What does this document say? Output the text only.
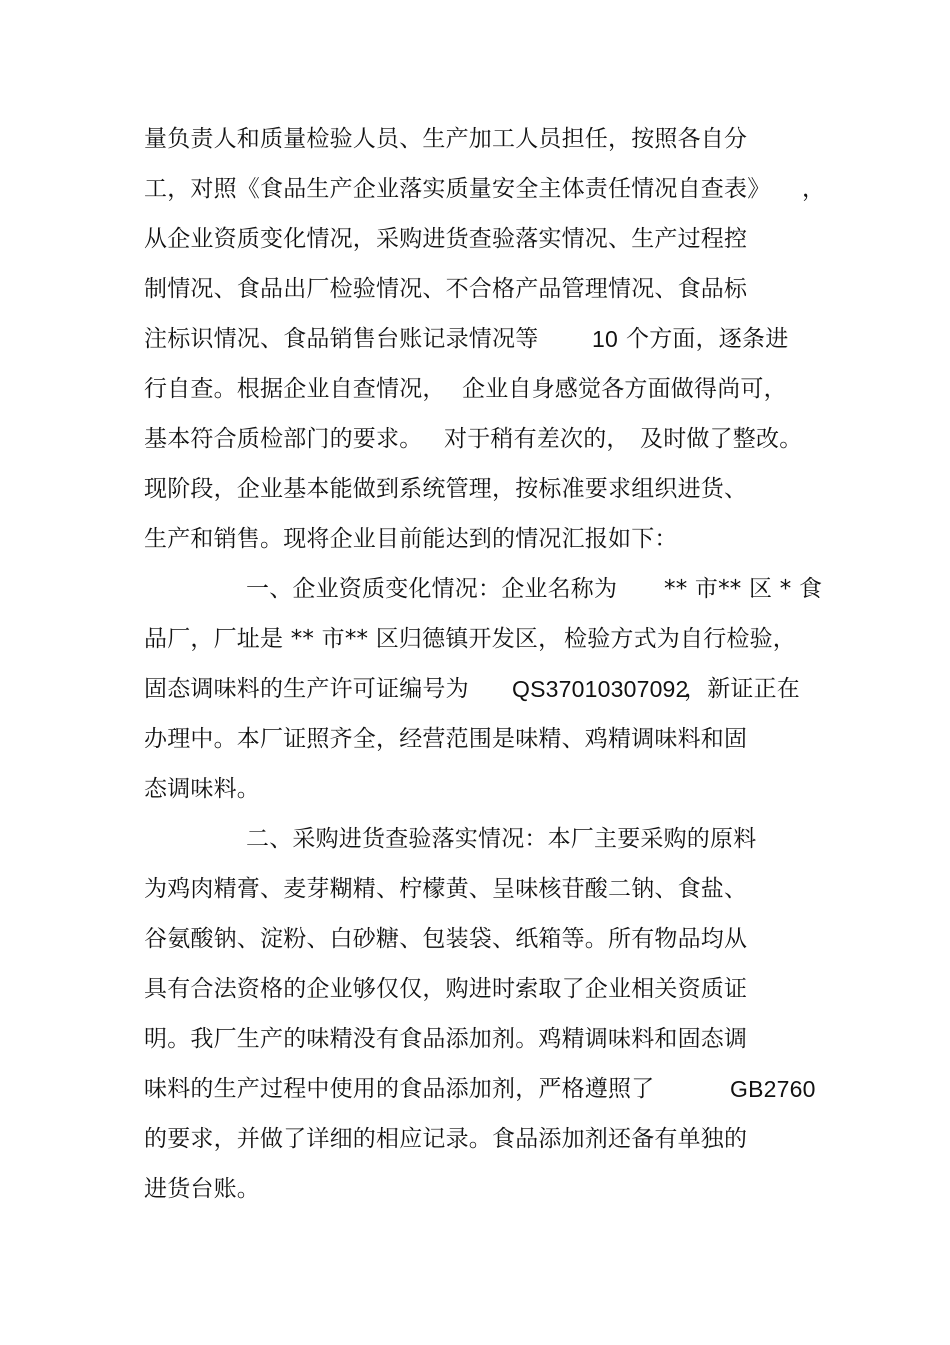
量负责人和质量检验人员、生产加工人员担任，按照各自分
工，对照《食品生产企业落实质量安全主体责任情况自查表》 ，
从企业资质变化情况，采购进货查验落实情况、生产过程控
制情况、食品出厂检验情况、不合格产品管理情况、食品标
注标识情况、食品销售台账记录情况等 10 个方面，逐条进
行自查。根据企业自查情况， 企业自身感觉各方面做得尚可，
基本符合质检部门的要求。 对于稍有差次的， 及时做了整改。
现阶段，企业基本能做到系统管理，按标准要求组织进货、
生产和销售。现将企业目前能达到的情况汇报如下：
一、企业资质变化情况：企业名称为 ** 市** 区 * 食
品厂，厂址是 ** 市** 区归德镇开发区， 检验方式为自行检验，
固态调味料的生产许可证编号为 QS37010307092
，新证正在
办理中。本厂证照齐全，经营范围是味精、鸡精调味料和固
态调味料。
二、采购进货查验落实情况：本厂主要采购的原料
为鸡肉精膏、麦芽糊精、柠檬黄、呈味核苷酸二钠、食盐、
谷氨酸钠、淀粉、白砂糖、包装袋、纸箱等。所有物品均从
具有合法资格的企业够仅仅，购进时索取了企业相关资质证
明。我厂生产的味精没有食品添加剂。鸡精调味料和固态调
味料的生产过程中使用的食品添加剂，严格遵照了	GB2760
的要求，并做了详细的相应记录。食品添加剂还备有单独的
进货台账。
